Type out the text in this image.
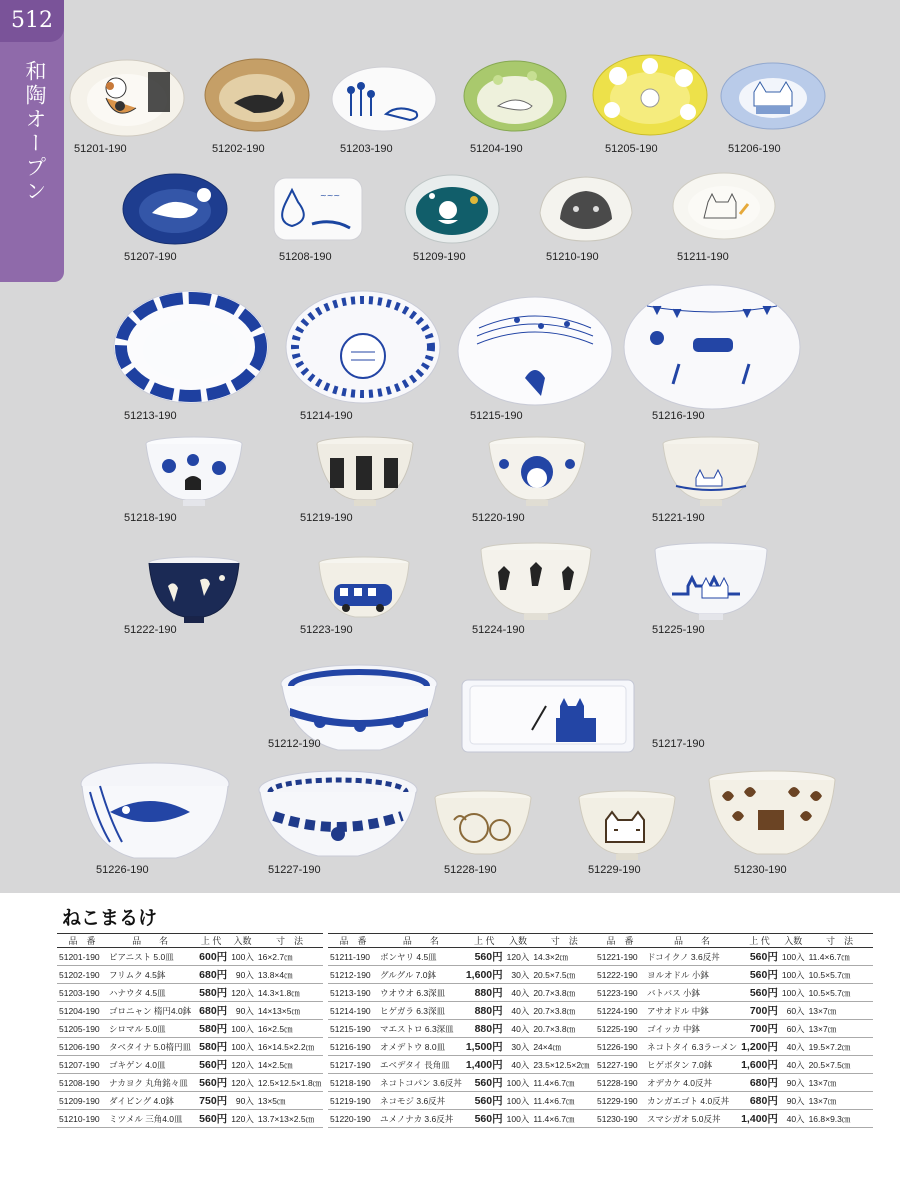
512
和陶オープン 51201-190	51202-190	51203-190	51204-190	51205-190	51206-190
51207-190
~~~
51208-190	51209-190	51210-190	51211-190
51213-190	51214-190	51215-190	51216-190
51218-190	51219-190	51220-190	51221-190
51222-190	51223-190	51224-190	51225-190
51212-190	51217-190
51226-190	51227-190	51228-190	51229-190	51230-190
ねこまるけ
品　番	品　　名	上 代	入数	寸　法
51201-190	ピアニスト 5.0皿	600円	100入	16×2.7㎝
51202-190	フリムク 4.5鉢	680円	90入	13.8×4㎝
51203-190	ハナウタ 4.5皿	580円	120入	14.3×1.8㎝
51204-190	ゴロニャン 楕円4.0鉢	680円	90入	14×13×5㎝
51205-190	シロマル 5.0皿	580円	100入	16×2.5㎝
51206-190	タベタイナ 5.0楕円皿	580円	100入	16×14.5×2.2㎝
51207-190	ゴキゲン 4.0皿	560円	120入	14×2.5㎝
51208-190	ナカヨク 丸角銘々皿	560円	120入	12.5×12.5×1.8㎝
51209-190	ダイビング 4.0鉢	750円	90入	13×5㎝
51210-190	ミツメル 三角4.0皿	560円	120入	13.7×13×2.5㎝
品　番	品　　名	上 代	入数	寸　法
51211-190	ボンヤリ 4.5皿	560円	120入	14.3×2㎝
51212-190	グルグル 7.0鉢	1,600円	30入	20.5×7.5㎝
51213-190	ウオウオ 6.3深皿	880円	40入	20.7×3.8㎝
51214-190	ヒゲガラ 6.3深皿	880円	40入	20.7×3.8㎝
51215-190	マエストロ 6.3深皿	880円	40入	20.7×3.8㎝
51216-190	オメデトウ 8.0皿	1,500円	30入	24×4㎝
51217-190	エベデタイ 長角皿	1,400円	40入	23.5×12.5×2㎝
51218-190	ネコトコパン 3.6反丼	560円	100入	11.4×6.7㎝
51219-190	ネコモジ 3.6反丼	560円	100入	11.4×6.7㎝
51220-190	ユメノナカ 3.6反丼	560円	100入	11.4×6.7㎝
品　番	品　　名	上 代	入数	寸　法
51221-190	ドコイクノ 3.6反丼	560円	100入	11.4×6.7㎝
51222-190	ヨルオドル 小鉢	560円	100入	10.5×5.7㎝
51223-190	バトバス 小鉢	560円	100入	10.5×5.7㎝
51224-190	アサオドル 中鉢	700円	60入	13×7㎝
51225-190	ゴイッカ 中鉢	700円	60入	13×7㎝
51226-190	ネコトタイ 6.3ラーメン	1,200円	40入	19.5×7.2㎝
51227-190	ヒゲボタン 7.0鉢	1,600円	40入	20.5×7.5㎝
51228-190	オデカケ 4.0反丼	680円	90入	13×7㎝
51229-190	カンガエゴト 4.0反丼	680円	90入	13×7㎝
51230-190	スマシガオ 5.0反丼	1,400円	40入	16.8×9.3㎝
